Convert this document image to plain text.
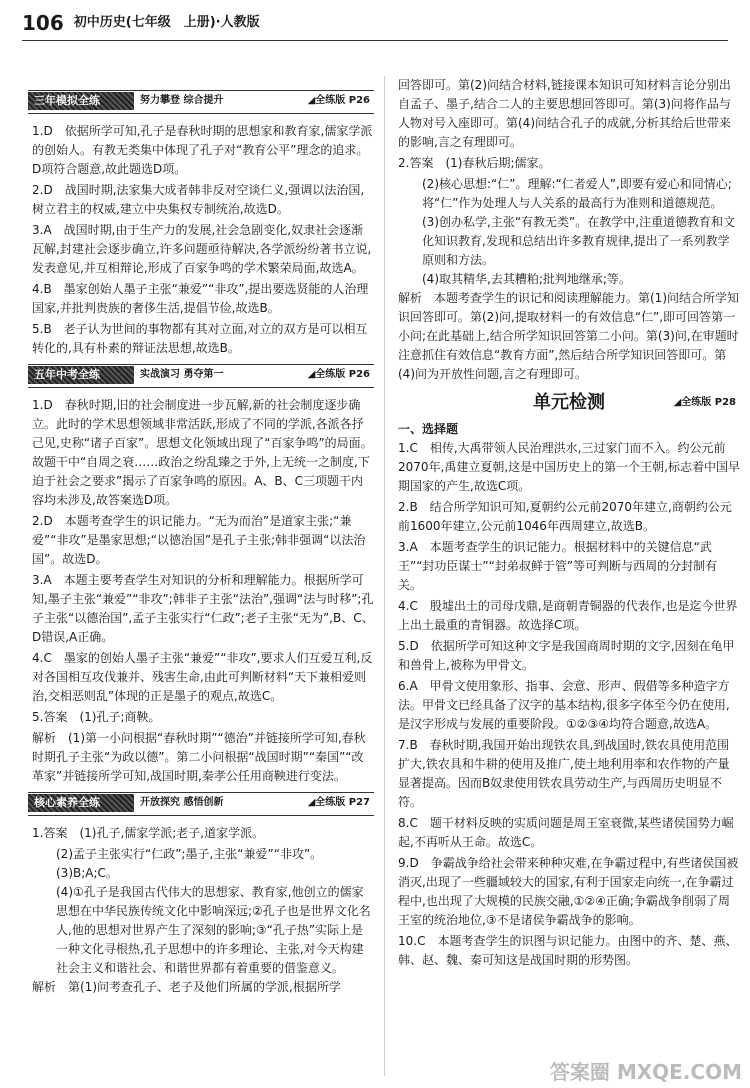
106 初中历史(七年级　上册)·人教版
三年模拟全练	努力攀登 综合提升	◢全练版 P26

1.D　依据所学可知,孔子是春秋时期的思想家和教育家,儒家学派的创始人。有教无类集中体现了孔子对“教育公平”理念的追求。D项符合题意,故此题选D项。

2.D　战国时期,法家集大成者韩非反对空谈仁义,强调以法治国,树立君主的权威,建立中央集权专制统治,故选D。

3.A　战国时期,由于生产力的发展,社会急剧变化,奴隶社会逐渐瓦解,封建社会逐步确立,许多问题亟待解决,各学派纷纷著书立说,发表意见,并互相辩论,形成了百家争鸣的学术繁荣局面,故选A。

4.B　墨家创始人墨子主张“兼爱”“非攻”,提出要选贤能的人治理国家,并批判贵族的奢侈生活,提倡节俭,故选B。

5.B　老子认为世间的事物都有其对立面,对立的双方是可以相互转化的,具有朴素的辩证法思想,故选B。

五年中考全练	实战演习 勇夺第一	◢全练版 P26

1.D　春秋时期,旧的社会制度进一步瓦解,新的社会制度逐步确立。此时的学术思想领域非常活跃,形成了不同的学派,各派各抒己见,史称“诸子百家”。思想文化领域出现了“百家争鸣”的局面。故题干中“自周之衰……政治之纷乱臻之于外,上无统一之制度,下迫于社会之要求”揭示了百家争鸣的原因。A、B、C三项题干内容均未涉及,故答案选D项。

2.D　本题考查学生的识记能力。“无为而治”是道家主张;“兼爱”“非攻”是墨家思想;“以德治国”是孔子主张;韩非强调“以法治国”。故选D。

3.A　本题主要考查学生对知识的分析和理解能力。根据所学可知,墨子主张“兼爱”“非攻”;韩非子主张“法治”,强调“法与时移”;孔子主张“以德治国”,孟子主张实行“仁政”;老子主张“无为”,B、C、D错误,A正确。

4.C　墨家的创始人墨子主张“兼爱”“非攻”,要求人们互爱互利,反对各国相互攻伐兼并、残害生命,由此可判断材料“天下兼相爱则治,交相恶则乱”体现的正是墨子的观点,故选C。

5.答案　(1)孔子;商鞅。

解析　(1)第一小问根据“春秋时期”“德治”并链接所学可知,春秋时期孔子主张“为政以德”。第二小问根据“战国时期”“秦国”“改革家”并链接所学可知,战国时期,秦孝公任用商鞅进行变法。

核心素养全练	开放探究 感悟创新	◢全练版 P27

1.答案　(1)孔子,儒家学派;老子,道家学派。

(2)孟子主张实行“仁政”;墨子,主张“兼爱”“非攻”。

(3)B;A;C。

(4)①孔子是我国古代伟大的思想家、教育家,他创立的儒家思想在中华民族传统文化中影响深远;②孔子也是世界文化名人,他的思想对世界产生了深刻的影响;③“孔子热”实际上是一种文化寻根热,孔子思想中的许多理论、主张,对今天构建社会主义和谐社会、和谐世界都有着重要的借鉴意义。

解析　第(1)问考查孔子、老子及他们所属的学派,根据所学

回答即可。第(2)问结合材料,链接课本知识可知材料言论分别出自孟子、墨子,结合二人的主要思想回答即可。第(3)问将作品与人物对号入座即可。第(4)问结合孔子的成就,分析其给后世带来的影响,言之有理即可。

2.答案　(1)春秋后期;儒家。

(2)核心思想:“仁”。理解:“仁者爱人”,即要有爱心和同情心;将“仁”作为处理人与人关系的最高行为准则和道德规范。

(3)创办私学,主张“有教无类”。在教学中,注重道德教育和文化知识教育,发现和总结出许多教育规律,提出了一系列教学原则和方法。

(4)取其精华,去其糟粕;批判地继承;等。

解析　本题考查学生的识记和阅读理解能力。第(1)问结合所学知识回答即可。第(2)问,提取材料一的有效信息“仁”,即可回答第一小问;在此基础上,结合所学知识回答第二小问。第(3)问,在审题时注意抓住有效信息“教育方面”,然后结合所学知识回答即可。第(4)问为开放性问题,言之有理即可。

单元检测	◢全练版 P28

一、选择题

1.C　相传,大禹带领人民治理洪水,三过家门而不入。约公元前2070年,禹建立夏朝,这是中国历史上的第一个王朝,标志着中国早期国家的产生,故选C项。

2.B　结合所学知识可知,夏朝约公元前2070年建立,商朝约公元前1600年建立,公元前1046年西周建立,故选B。

3.A　本题考查学生的识记能力。根据材料中的关键信息“武王”“封功臣谋士”“封弟叔鲜于管”等可判断与西周的分封制有关。

4.C　殷墟出土的司母戊鼎,是商朝青铜器的代表作,也是迄今世界上出土最重的青铜器。故选择C项。

5.D　依据所学可知这种文字是我国商周时期的文字,因刻在龟甲和兽骨上,被称为甲骨文。

6.A　甲骨文使用象形、指事、会意、形声、假借等多种造字方法。甲骨文已经具备了汉字的基本结构,很多字体至今仍在使用,是汉字形成与发展的重要阶段。①②③④均符合题意,故选A。

7.B　春秋时期,我国开始出现铁农具,到战国时,铁农具使用范围扩大,铁农具和牛耕的使用及推广,使土地利用率和农作物的产量显著提高。因而B奴隶使用铁农具劳动生产,与西周历史明显不符。

8.C　题干材料反映的实质问题是周王室衰微,某些诸侯国势力崛起,不再听从王命。故选C。

9.D　争霸战争给社会带来种种灾难,在争霸过程中,有些诸侯国被消灭,出现了一些疆域较大的国家,有利于国家走向统一,在争霸过程中,也出现了大规模的民族交融,①②④正确;争霸战争削弱了周王室的统治地位,③不是诸侯争霸战争的影响。

10.C　本题考查学生的识图与识记能力。由图中的齐、楚、燕、韩、赵、魏、秦可知这是战国时期的形势图。

答案圈 MXQE.COM
